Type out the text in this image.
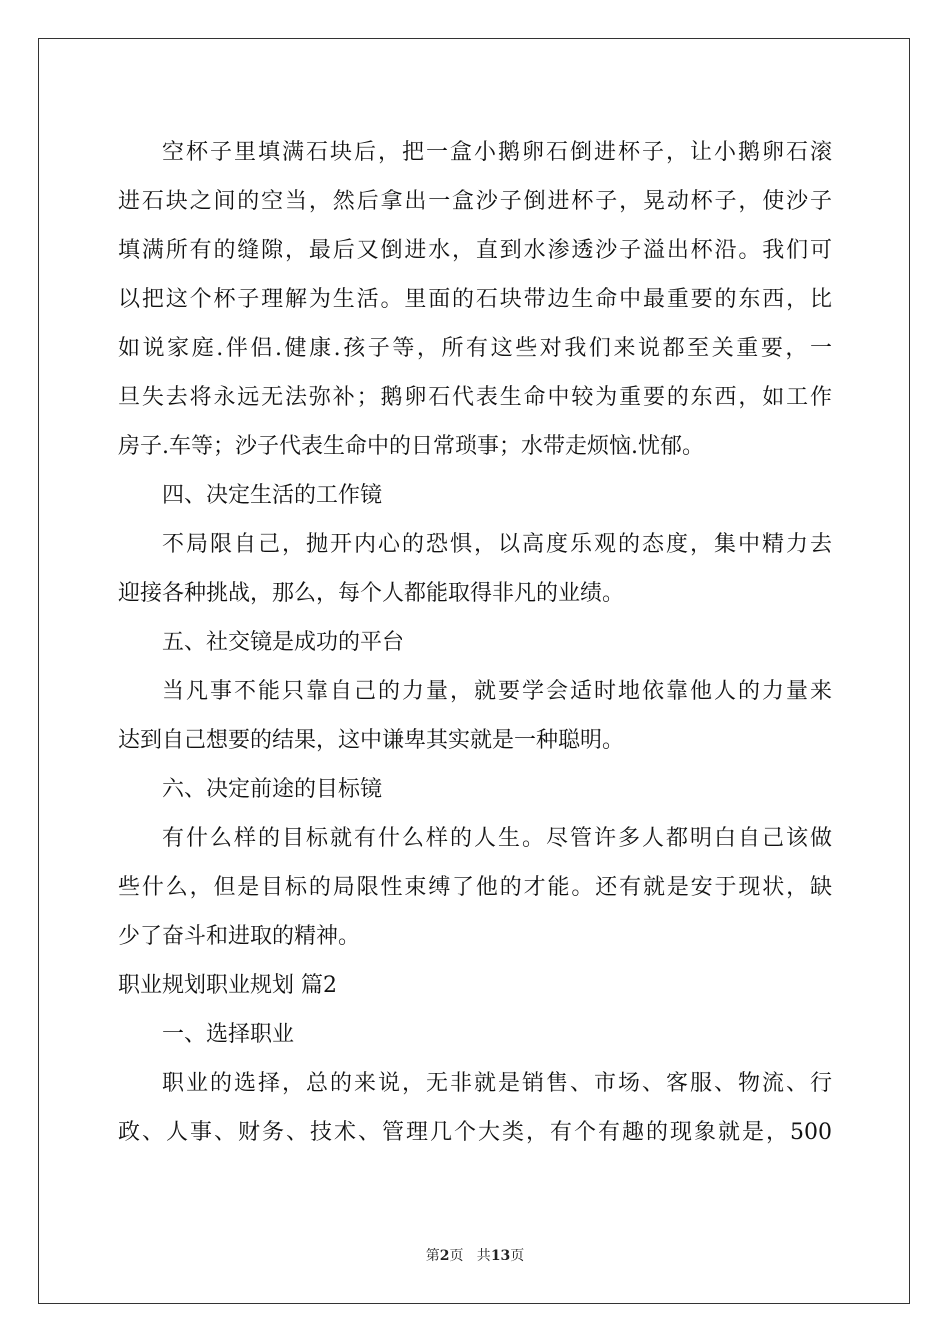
空杯子里填满石块后，把一盒小鹅卵石倒进杯子，让小鹅卵石滚
进石块之间的空当，然后拿出一盒沙子倒进杯子，晃动杯子，使沙子
填满所有的缝隙，最后又倒进水，直到水渗透沙子溢出杯沿。我们可
以把这个杯子理解为生活。里面的石块带边生命中最重要的东西，比
如说家庭.伴侣.健康.孩子等，所有这些对我们来说都至关重要，一
旦失去将永远无法弥补；鹅卵石代表生命中较为重要的东西，如工作
房子.车等；沙子代表生命中的日常琐事；水带走烦恼.忧郁。
四、决定生活的工作镜
不局限自己，抛开内心的恐惧，以高度乐观的态度，集中精力去
迎接各种挑战，那么，每个人都能取得非凡的业绩。
五、社交镜是成功的平台
当凡事不能只靠自己的力量，就要学会适时地依靠他人的力量来
达到自己想要的结果，这中谦卑其实就是一种聪明。
六、决定前途的目标镜
有什么样的目标就有什么样的人生。尽管许多人都明白自己该做
些什么，但是目标的局限性束缚了他的才能。还有就是安于现状，缺
少了奋斗和进取的精神。
职业规划职业规划 篇2
一、选择职业
职业的选择，总的来说，无非就是销售、市场、客服、物流、行
政、人事、财务、技术、管理几个大类，有个有趣的现象就是，500
第2页   共13页
